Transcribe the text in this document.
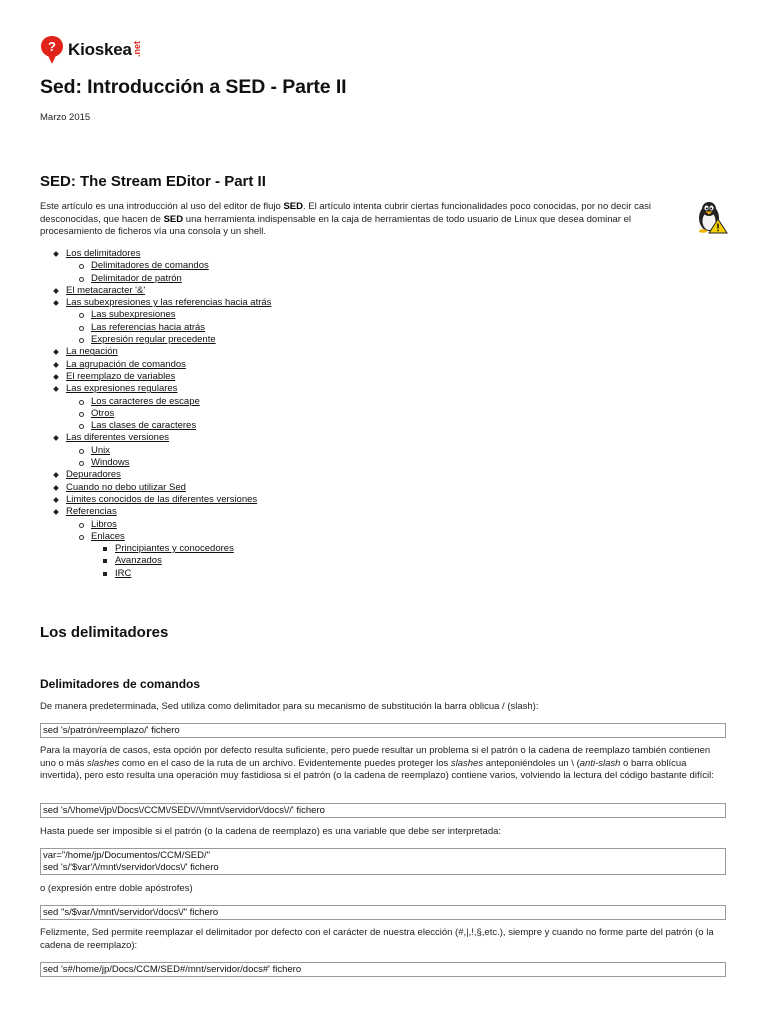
? Kioskea .net
Sed: Introducción a SED - Parte II
Marzo 2015
SED: The Stream EDitor - Part II
Este artículo es una introducción al uso del editor de flujo SED. El artículo intenta cubrir ciertas funcionalidades poco conocidas, por no decir casi desconocidas, que hacen de SED una herramienta indispensable en la caja de herramientas de todo usuario de Linux que desea dominar el procesamiento de ficheros vía una consola y un shell.
Los delimitadores
Delimitadores de comandos
Delimitador de patrón
El metacaracter '&'
Las subexpresiones y las referencias hacia atrás
Las subexpresiones
Las referencias hacia atrás
Expresión regular precedente
La negación
La agrupación de comandos
El reemplazo de variables
Las expresiones regulares
Los caracteres de escape
Otros
Las clases de caracteres
Las diferentes versiones
Unix
Windows
Depuradores
Cuando no debo utilizar Sed
Limites conocidos de las diferentes versiones
Referencias
Libros
Enlaces
Principiantes y conocedores
Avanzados
IRC
Los delimitadores
Delimitadores de comandos
De manera predeterminada, Sed utiliza como delimitador para su mecanismo de substitución la barra oblicua / (slash):
sed 's/patrón/reemplazo/' fichero
Para la mayoría de casos, esta opción por defecto resulta suficiente, pero puede resultar un problema si el patrón o la cadena de reemplazo también contienen uno o más slashes como en el caso de la ruta de un archivo. Evidentemente puedes proteger los slashes anteponiéndoles un \ (anti-slash o barra oblícua invertida), pero esto resulta una operación muy fastidiosa si el patrón (o la cadena de reemplazo) contiene varios, volviendo la lectura del código bastante difícil:
sed 's/\/home\/jp\/Docs\/CCM\/SED\//\/mnt\/servidor\/docs\//' fichero
Hasta puede ser imposible si el patrón (o la cadena de reemplazo) es una variable que debe ser interpretada:
var="/home/jp/Documentos/CCM/SED/"
sed 's/'$var'/\/mnt\/servidor\/docs\/' fichero
o (expresión entre doble apóstrofes)
sed "s/$var/\/mnt\/servidor\/docs\/" fichero
Felizmente, Sed permite reemplazar el delimitador por defecto con el carácter de nuestra elección (#,|,!,§,etc.), siempre y cuando no forme parte del patrón (o la cadena de reemplazo):
sed 's#/home/jp/Docs/CCM/SED#/mnt/servidor/docs#' fichero
